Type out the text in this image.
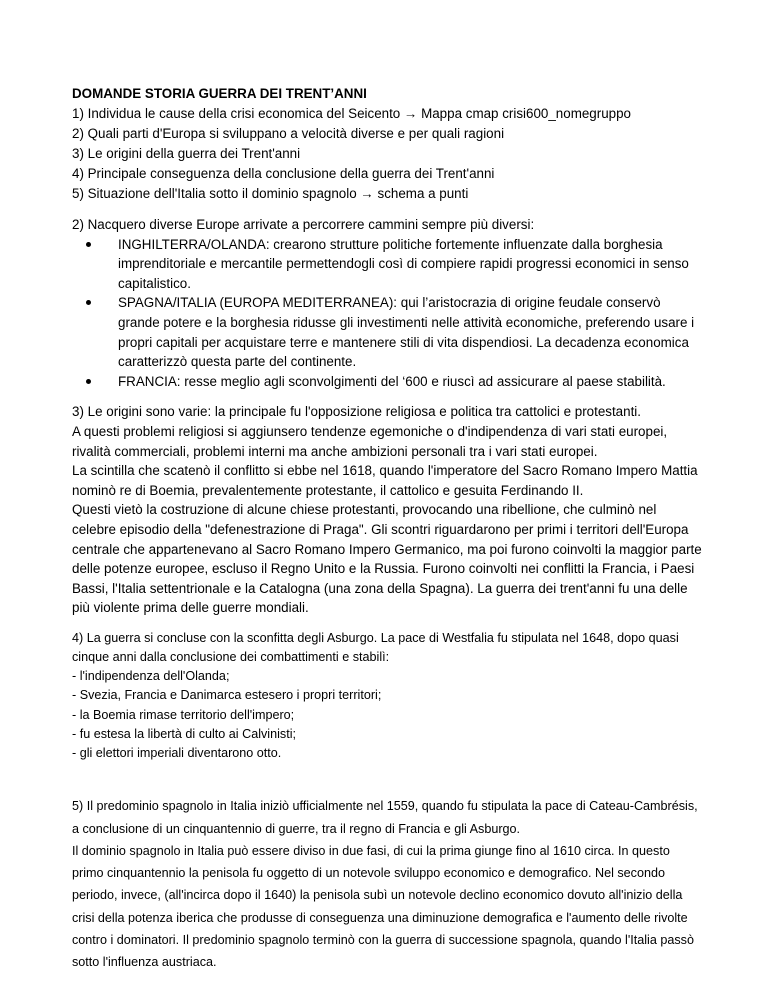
DOMANDE STORIA GUERRA DEI TRENT’ANNI

1) Individua le cause della crisi economica del Seicento → Mappa cmap crisi600_nomegruppo

2) Quali parti d'Europa si sviluppano a velocità diverse e per quali ragioni

3) Le origini della guerra dei Trent'anni

4) Principale conseguenza della conclusione della guerra dei Trent'anni

5) Situazione dell'Italia sotto il dominio spagnolo → schema a punti

2) Nacquero diverse Europe arrivate a percorrere cammini sempre più diversi:

INGHILTERRA/OLANDA: crearono strutture politiche fortemente influenzate dalla borghesia imprenditoriale e mercantile permettendogli così di compiere rapidi progressi economici in senso capitalistico.
SPAGNA/ITALIA (EUROPA MEDITERRANEA): qui l’aristocrazia di origine feudale conservò grande potere e la borghesia ridusse gli investimenti nelle attività economiche, preferendo usare i propri capitali per acquistare terre e mantenere stili di vita dispendiosi. La decadenza economica caratterizzò questa parte del continente.
FRANCIA: resse meglio agli sconvolgimenti del ‘600 e riuscì ad assicurare al paese stabilità.

3) Le origini sono varie: la principale fu l'opposizione religiosa e politica tra cattolici e protestanti.

A questi problemi religiosi si aggiunsero tendenze egemoniche o d'indipendenza di vari stati europei, rivalità commerciali, problemi interni ma anche ambizioni personali tra i vari stati europei.

La scintilla che scatenò il conflitto si ebbe nel 1618, quando l'imperatore del Sacro Romano Impero Mattia nominò re di Boemia, prevalentemente protestante, il cattolico e gesuita Ferdinando II.

Questi vietò la costruzione di alcune chiese protestanti, provocando una ribellione, che culminò nel celebre episodio della "defenestrazione di Praga". Gli scontri riguardarono per primi i territori dell'Europa centrale che appartenevano al Sacro Romano Impero Germanico, ma poi furono coinvolti la maggior parte delle potenze europee, escluso il Regno Unito e la Russia. Furono coinvolti nei conflitti la Francia, i Paesi Bassi, l'Italia settentrionale e la Catalogna (una zona della Spagna). La guerra dei trent'anni fu una delle più violente prima delle guerre mondiali.

4) La guerra si concluse con la sconfitta degli Asburgo. La pace di Westfalia fu stipulata nel 1648, dopo quasi cinque anni dalla conclusione dei combattimenti e stabilì:

- l'indipendenza dell'Olanda;

- Svezia, Francia e Danimarca estesero i propri territori;

- la Boemia rimase territorio dell'impero;

- fu estesa la libertà di culto ai Calvinisti;

- gli elettori imperiali diventarono otto.

5) Il predominio spagnolo in Italia iniziò ufficialmente nel 1559, quando fu stipulata la pace di Cateau-Cambrésis, a conclusione di un cinquantennio di guerre, tra il regno di Francia e gli Asburgo.

Il dominio spagnolo in Italia può essere diviso in due fasi, di cui la prima giunge fino al 1610 circa. In questo primo cinquantennio la penisola fu oggetto di un notevole sviluppo economico e demografico. Nel secondo periodo, invece, (all'incirca dopo il 1640) la penisola subì un notevole declino economico dovuto all'inizio della crisi della potenza iberica che produsse di conseguenza una diminuzione demografica e l'aumento delle rivolte contro i dominatori. Il predominio spagnolo terminò con la guerra di successione spagnola, quando l'Italia passò sotto l'influenza austriaca.
